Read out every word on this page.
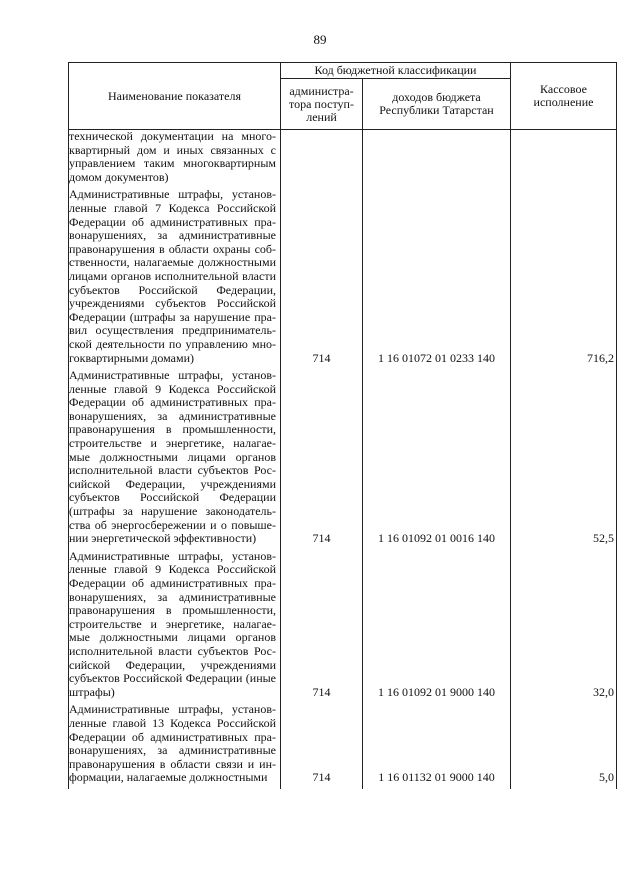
89
Наименование показателя	Код бюджетной классификации		Кассовое исполнение
	администра-тора поступ-лений	доходов бюджета Республики Татарстан	

технической документации на много-квартирный дом и иных связанных с управлением таким многоквартирным домом документов)			

Административные штрафы, установ-ленные главой 7 Кодекса Российской Федерации об административных пра-вонарушениях, за административные правонарушения в области охраны соб-ственности, налагаемые должностными лицами органов исполнительной власти субъектов Российской Федерации, учреждениями субъектов Российской Федерации (штрафы за нарушение пра-вил осуществления предприниматель-ской деятельности по управлению мно-гоквартирными домами)	714	1 16 01072 01 0233 140	716,2

Административные штрафы, установ-ленные главой 9 Кодекса Российской Федерации об административных пра-вонарушениях, за административные правонарушения в промышленности, строительстве и энергетике, налагае-мые должностными лицами органов исполнительной власти субъектов Рос-сийской Федерации, учреждениями субъектов Российской Федерации (штрафы за нарушение законодатель-ства об энергосбережении и о повыше-нии энергетической эффективности)	714	1 16 01092 01 0016 140	52,5

Административные штрафы, установ-ленные главой 9 Кодекса Российской Федерации об административных пра-вонарушениях, за административные правонарушения в промышленности, строительстве и энергетике, налагае-мые должностными лицами органов исполнительной власти субъектов Рос-сийской Федерации, учреждениями субъектов Российской Федерации (иные штрафы)	714	1 16 01092 01 9000 140	32,0

Административные штрафы, установ-ленные главой 13 Кодекса Российской Федерации об административных пра-вонарушениях, за административные правонарушения в области связи и ин-формации, налагаемые должностными	714	1 16 01132 01 9000 140	5,0
